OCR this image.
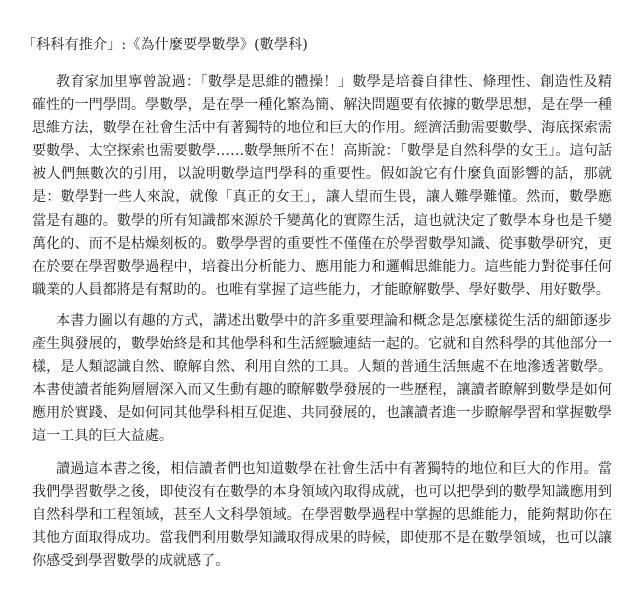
「科科有推介」:《為什麼要學數學》(數學科)

教育家加里寧曾說過：「數學是思維的體操！」數學是培養自律性、條理性、創造性及精確性的一門學問。學數學，是在學一種化繁為簡、解決問題要有依據的數學思想，是在學一種思維方法，數學在社會生活中有著獨特的地位和巨大的作用。經濟活動需要數學、海底探索需要數學、太空探索也需要數學……數學無所不在！高斯說：「數學是自然科學的女王」。這句話被人們無數次的引用，以說明數學這門學科的重要性。假如說它有什麼負面影響的話，那就是：數學對一些人來說，就像「真正的女王」，讓人望而生畏，讓人難學難懂。然而，數學應當是有趣的。數學的所有知識都來源於千變萬化的實際生活，這也就決定了數學本身也是千變萬化的、而不是枯燥刻板的。數學學習的重要性不僅僅在於學習數學知識、從事數學研究，更在於要在學習數學過程中，培養出分析能力、應用能力和邏輯思維能力。這些能力對從事任何職業的人員都將是有幫助的。也唯有掌握了這些能力，才能瞭解數學、學好數學、用好數學。

本書力圖以有趣的方式，講述出數學中的許多重要理論和概念是怎麼樣從生活的細節逐步產生與發展的，數學始終是和其他學科和生活經驗連結一起的。它就和自然科學的其他部分一樣，是人類認識自然、瞭解自然、利用自然的工具。人類的普通生活無處不在地滲透著數學。本書使讀者能夠層層深入而又生動有趣的瞭解數學發展的一些歷程，讓讀者瞭解到數學是如何應用於實踐、是如何同其他學科相互促進、共同發展的，也讓讀者進一步瞭解學習和掌握數學這一工具的巨大益處。

讀過這本書之後，相信讀者們也知道數學在社會生活中有著獨特的地位和巨大的作用。當我們學習數學之後，即使沒有在數學的本身領域內取得成就，也可以把學到的數學知識應用到自然科學和工程領域，甚至人文科學領域。在學習數學過程中掌握的思維能力，能夠幫助你在其他方面取得成功。當我們利用數學知識取得成果的時候，即使那不是在數學領域，也可以讓你感受到學習數學的成就感了。
